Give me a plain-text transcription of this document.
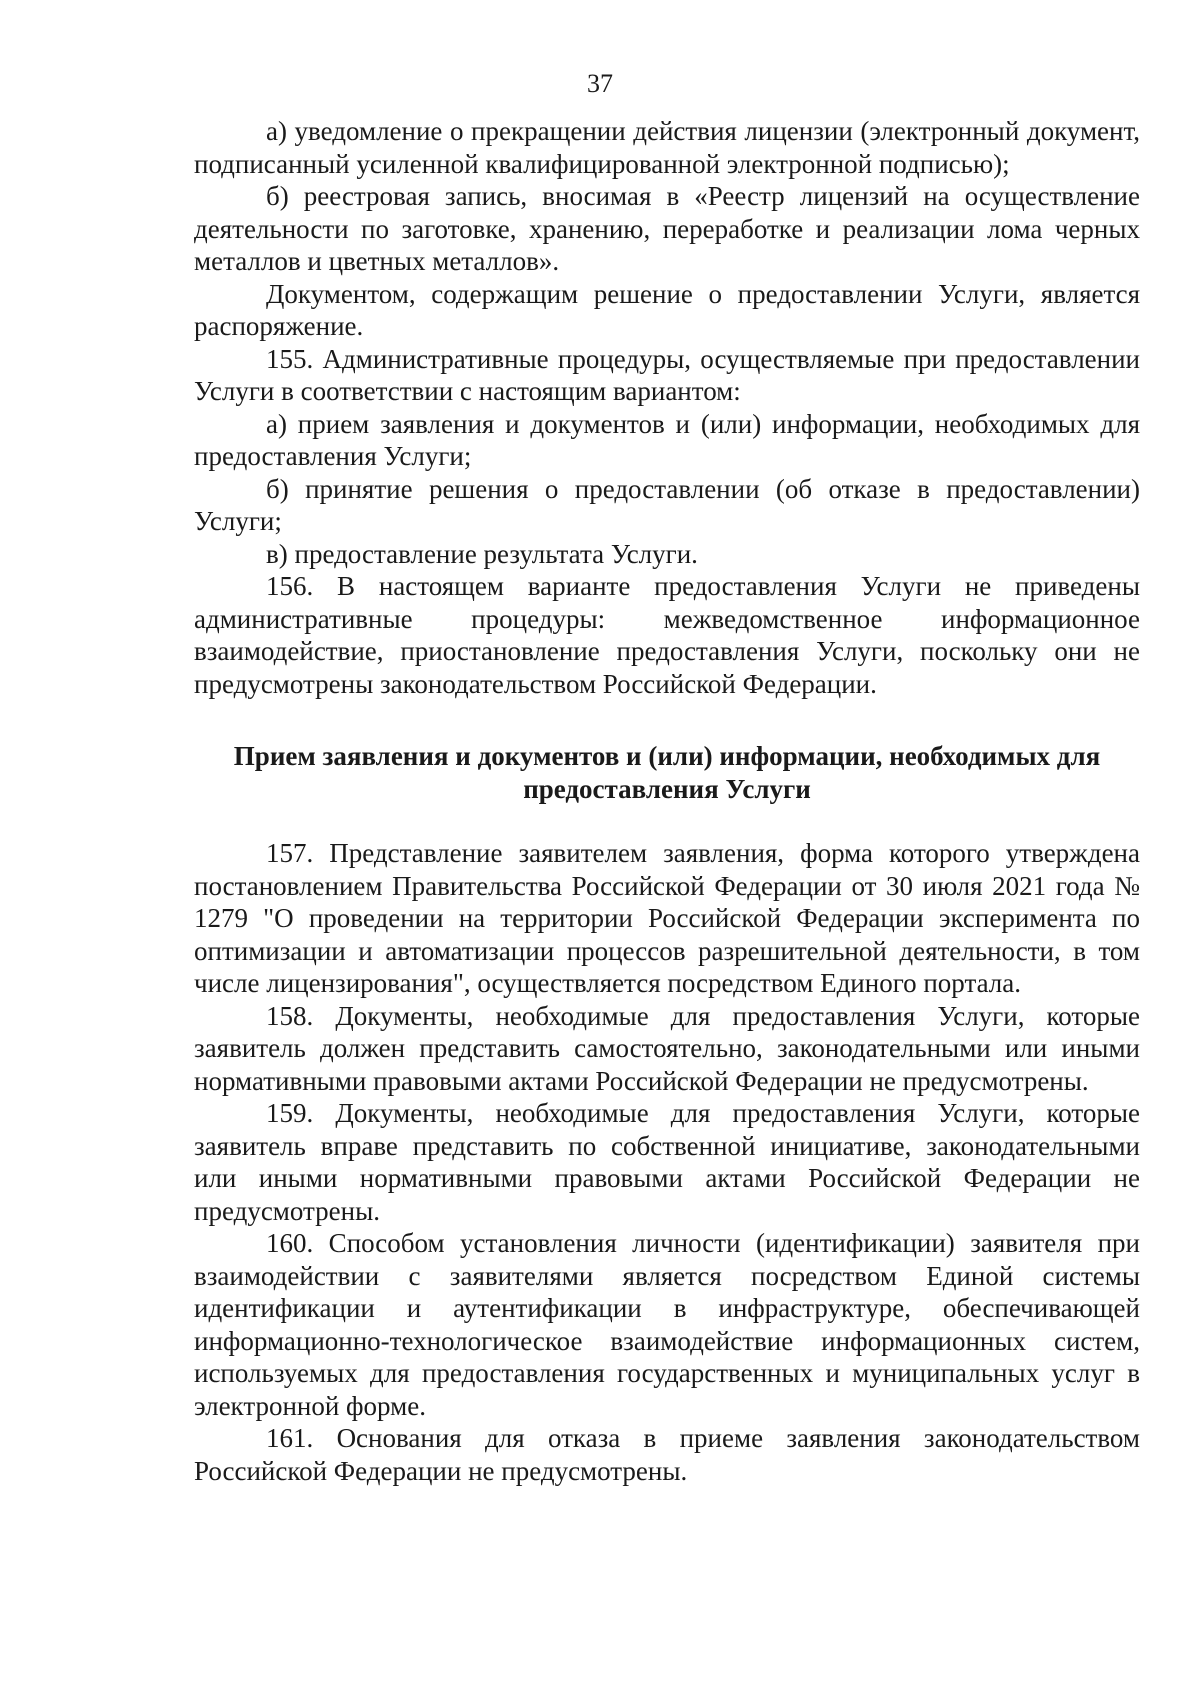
37

а) уведомление о прекращении действия лицензии (электронный документ, подписанный усиленной квалифицированной электронной подписью);

б) реестровая запись, вносимая в «Реестр лицензий на осуществление деятельности по заготовке, хранению, переработке и реализации лома черных металлов и цветных металлов».

Документом, содержащим решение о предоставлении Услуги, является распоряжение.

155. Административные процедуры, осуществляемые при предоставлении Услуги в соответствии с настоящим вариантом:

а) прием заявления и документов и (или) информации, необходимых для предоставления Услуги;

б) принятие решения о предоставлении (об отказе в предоставлении) Услуги;

в) предоставление результата Услуги.

156. В настоящем варианте предоставления Услуги не приведены административные процедуры: межведомственное информационное взаимодействие, приостановление предоставления Услуги, поскольку они не предусмотрены законодательством Российской Федерации.

Прием заявления и документов и (или) информации, необходимых для
предоставления Услуги

157. Представление заявителем заявления, форма которого утверждена постановлением Правительства Российской Федерации от 30 июля 2021 года № 1279 "О проведении на территории Российской Федерации эксперимента по оптимизации и автоматизации процессов разрешительной деятельности, в том числе лицензирования", осуществляется посредством Единого портала.

158. Документы, необходимые для предоставления Услуги, которые заявитель должен представить самостоятельно, законодательными или иными нормативными правовыми актами Российской Федерации не предусмотрены.

159. Документы, необходимые для предоставления Услуги, которые заявитель вправе представить по собственной инициативе, законодательными или иными нормативными правовыми актами Российской Федерации не предусмотрены.

160. Способом установления личности (идентификации) заявителя при взаимодействии с заявителями является посредством Единой системы идентификации и аутентификации в инфраструктуре, обеспечивающей информационно-технологическое взаимодействие информационных систем, используемых для предоставления государственных и муниципальных услуг в электронной форме.

161. Основания для отказа в приеме заявления законодательством Российской Федерации не предусмотрены.
